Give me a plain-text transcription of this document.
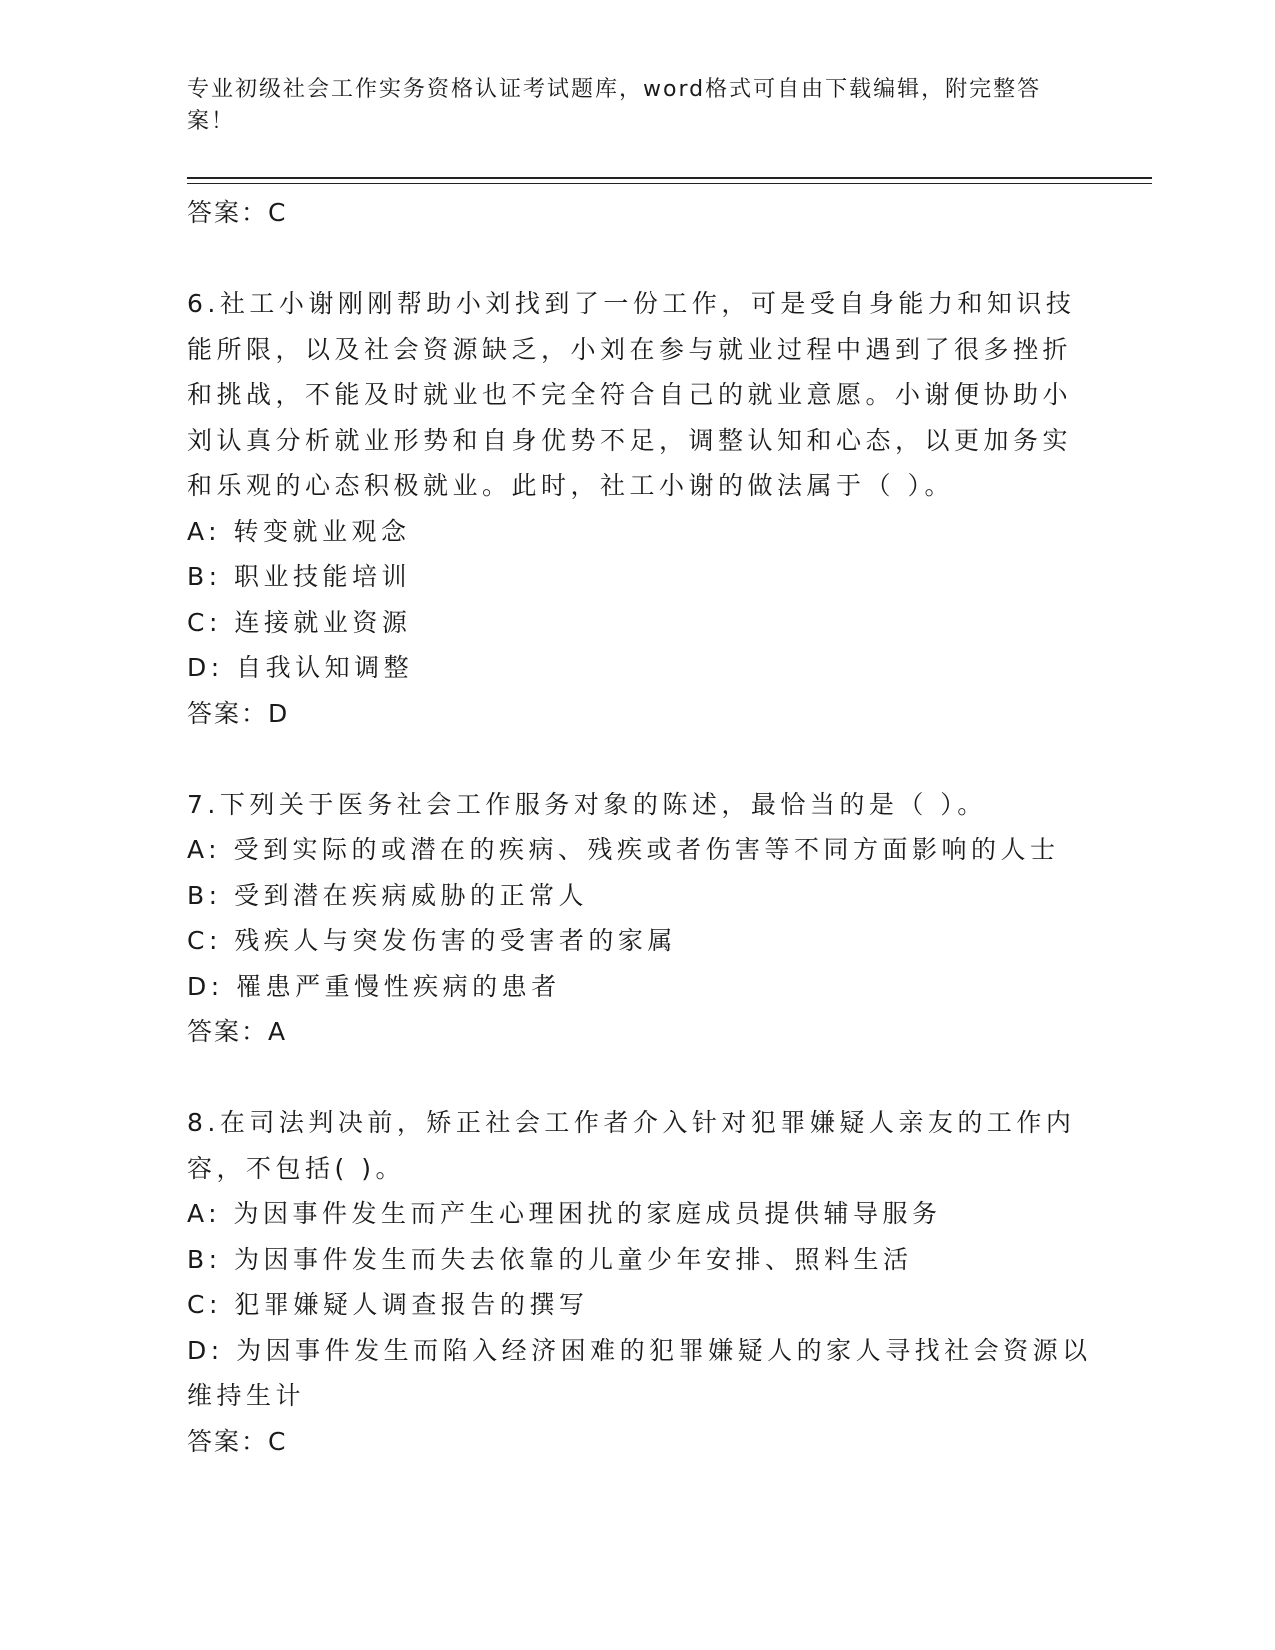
专业初级社会工作实务资格认证考试题库，word格式可自由下载编辑，附完整答
案！
答案：C
6.社工小谢刚刚帮助小刘找到了一份工作，可是受自身能力和知识技
能所限，以及社会资源缺乏，小刘在参与就业过程中遇到了很多挫折
和挑战，不能及时就业也不完全符合自己的就业意愿。小谢便协助小
刘认真分析就业形势和自身优势不足，调整认知和心态，以更加务实
和乐观的心态积极就业。此时，社工小谢的做法属于（ ）。
A: 转变就业观念
B: 职业技能培训
C: 连接就业资源
D: 自我认知调整
答案：D
7.下列关于医务社会工作服务对象的陈述，最恰当的是（ ）。
A: 受到实际的或潜在的疾病、残疾或者伤害等不同方面影响的人士
B: 受到潜在疾病威胁的正常人
C: 残疾人与突发伤害的受害者的家属
D: 罹患严重慢性疾病的患者
答案：A
8.在司法判决前，矫正社会工作者介入针对犯罪嫌疑人亲友的工作内
容，不包括( )。
A: 为因事件发生而产生心理困扰的家庭成员提供辅导服务
B: 为因事件发生而失去依靠的儿童少年安排、照料生活
C: 犯罪嫌疑人调查报告的撰写
D: 为因事件发生而陷入经济困难的犯罪嫌疑人的家人寻找社会资源以
维持生计
答案：C
